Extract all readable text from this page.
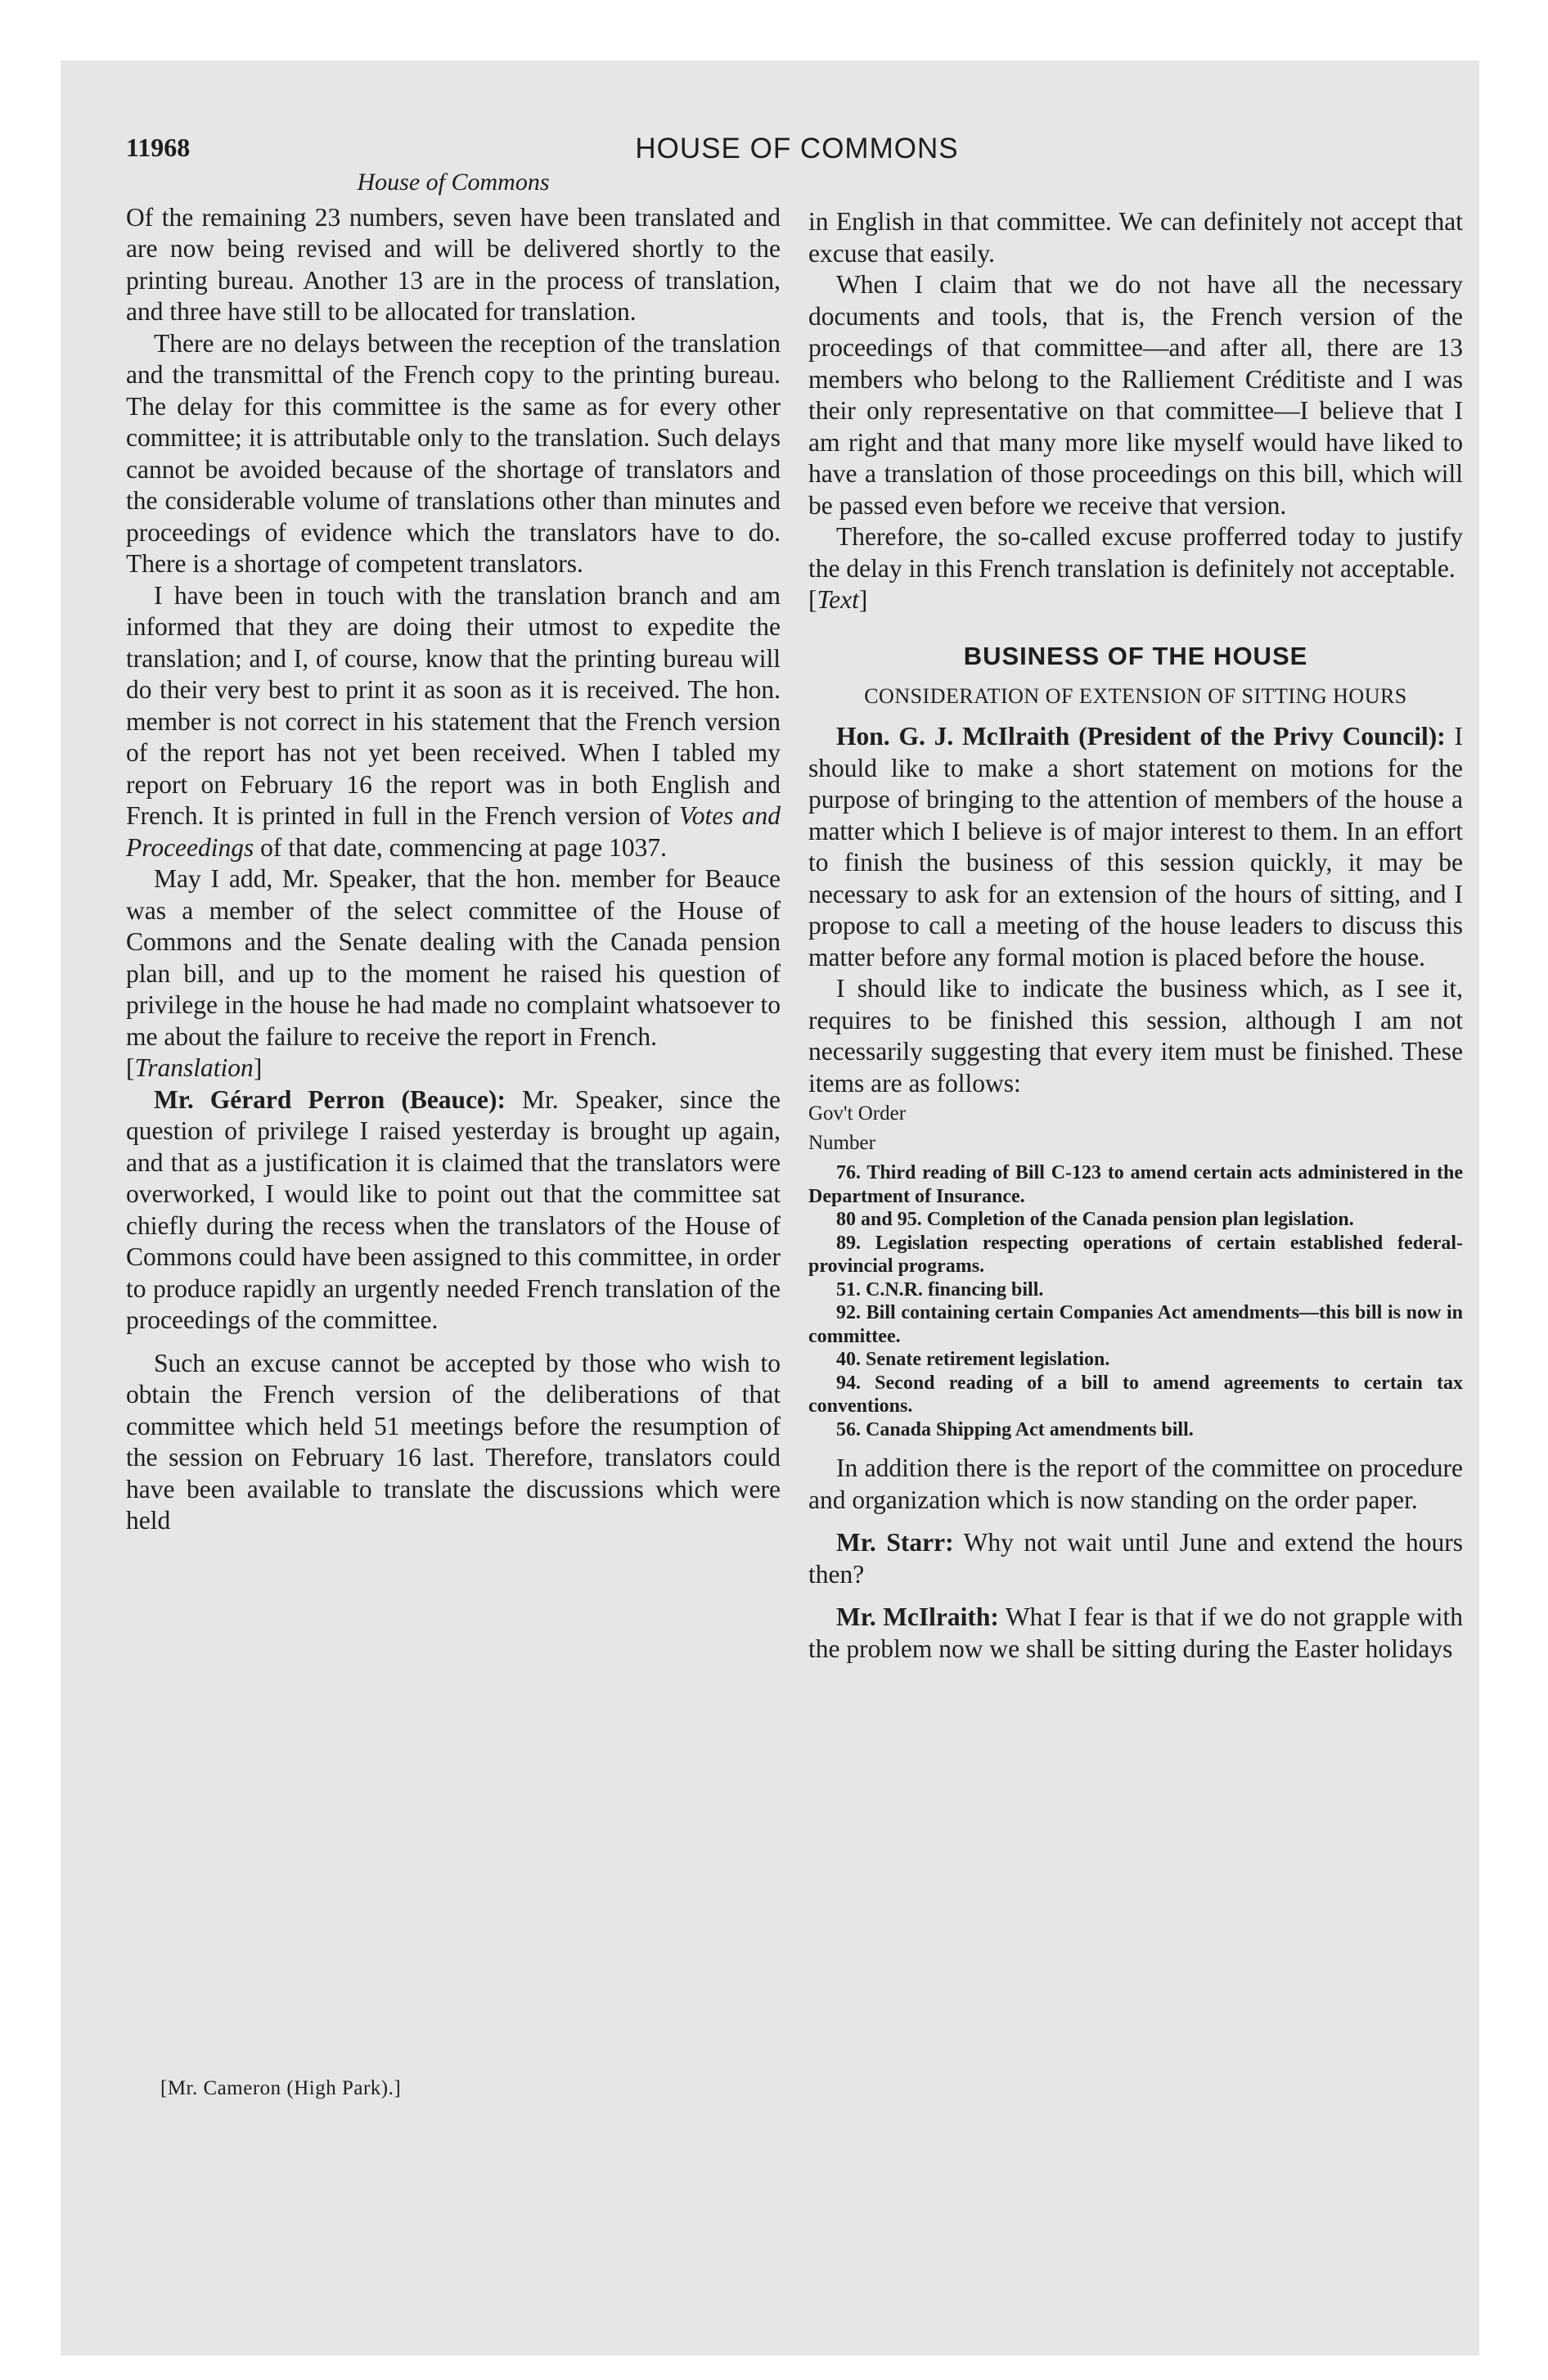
11968	HOUSE OF COMMONS
House of Commons

Of the remaining 23 numbers, seven have been translated and are now being revised and will be delivered shortly to the printing bureau. Another 13 are in the process of translation, and three have still to be allocated for translation.

There are no delays between the reception of the translation and the transmittal of the French copy to the printing bureau. The delay for this committee is the same as for every other committee; it is attributable only to the translation. Such delays cannot be avoided because of the shortage of translators and the considerable volume of translations other than minutes and proceedings of evidence which the translators have to do. There is a shortage of competent translators.

I have been in touch with the translation branch and am informed that they are doing their utmost to expedite the translation; and I, of course, know that the printing bureau will do their very best to print it as soon as it is received. The hon. member is not correct in his statement that the French version of the report has not yet been received. When I tabled my report on February 16 the report was in both English and French. It is printed in full in the French version of Votes and Proceedings of that date, commencing at page 1037.

May I add, Mr. Speaker, that the hon. member for Beauce was a member of the select committee of the House of Commons and the Senate dealing with the Canada pension plan bill, and up to the moment he raised his question of privilege in the house he had made no complaint whatsoever to me about the failure to receive the report in French.

[Translation]

Mr. Gérard Perron (Beauce): Mr. Speaker, since the question of privilege I raised yesterday is brought up again, and that as a justification it is claimed that the translators were overworked, I would like to point out that the committee sat chiefly during the recess when the translators of the House of Commons could have been assigned to this committee, in order to produce rapidly an urgently needed French translation of the proceedings of the committee.

Such an excuse cannot be accepted by those who wish to obtain the French version of the deliberations of that committee which held 51 meetings before the resumption of the session on February 16 last. Therefore, translators could have been available to translate the discussions which were held

in English in that committee. We can definitely not accept that excuse that easily.

When I claim that we do not have all the necessary documents and tools, that is, the French version of the proceedings of that committee—and after all, there are 13 members who belong to the Ralliement Créditiste and I was their only representative on that committee—I believe that I am right and that many more like myself would have liked to have a translation of those proceedings on this bill, which will be passed even before we receive that version.

Therefore, the so-called excuse profferred today to justify the delay in this French translation is definitely not acceptable.

[Text]

BUSINESS OF THE HOUSE
CONSIDERATION OF EXTENSION OF SITTING HOURS

Hon. G. J. McIlraith (President of the Privy Council): I should like to make a short statement on motions for the purpose of bringing to the attention of members of the house a matter which I believe is of major interest to them. In an effort to finish the business of this session quickly, it may be necessary to ask for an extension of the hours of sitting, and I propose to call a meeting of the house leaders to discuss this matter before any formal motion is placed before the house.

I should like to indicate the business which, as I see it, requires to be finished this session, although I am not necessarily suggesting that every item must be finished. These items are as follows:

Gov't Order
Number

76. Third reading of Bill C-123 to amend certain acts administered in the Department of Insurance.
80 and 95. Completion of the Canada pension plan legislation.
89. Legislation respecting operations of certain established federal-provincial programs.
51. C.N.R. financing bill.
92. Bill containing certain Companies Act amendments—this bill is now in committee.
40. Senate retirement legislation.
94. Second reading of a bill to amend agreements to certain tax conventions.
56. Canada Shipping Act amendments bill.

In addition there is the report of the committee on procedure and organization which is now standing on the order paper.

Mr. Starr: Why not wait until June and extend the hours then?

Mr. McIlraith: What I fear is that if we do not grapple with the problem now we shall be sitting during the Easter holidays

[Mr. Cameron (High Park).]
